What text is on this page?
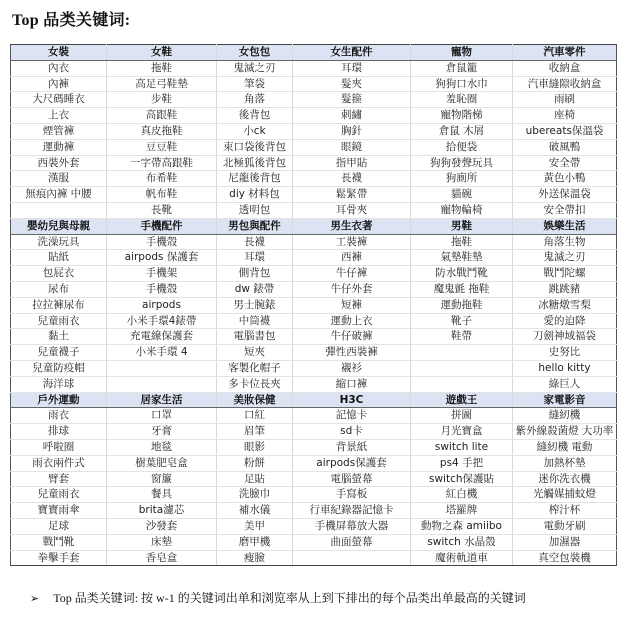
Top 品类关键词:
女裝	女鞋	女包包	女生配件	寵物	汽車零件
內衣	拖鞋	鬼滅之刃	耳環	倉鼠籠	收納盒
內褲	高足弓鞋墊	筆袋	髮夾	狗狗口水巾	汽車縫隙收納盒
大尺碼睡衣	步鞋	角落	髮箍	羞恥圈	雨刷
上衣	高跟鞋	後背包	刺繡	寵物階梯	座椅
煙管褲	真皮拖鞋	小ck	胸針	倉鼠 木屑	ubereats保溫袋
運動褲	豆豆鞋	束口袋後背包	眼鏡	拾便袋	破風鴨
西裝外套	一字帶高跟鞋	北極狐後背包	指甲貼	狗狗發聲玩具	安全帶
漢服	布希鞋	尼龍後背包	長襪	狗廁所	黃色小鴨
無痕內褲 中腰	帆布鞋	diy 材料包	鬆緊帶	貓碗	外送保溫袋
	長靴	透明包	耳骨夾	寵物輪椅	安全帶扣
嬰幼兒與母親	手機配件	男包與配件	男生衣著	男鞋	娛樂生活
洗澡玩具	手機殼	長襪	工裝褲	拖鞋	角落生物
貼紙	airpods 保護套	耳環	西褲	氣墊鞋墊	鬼滅之刃
包屁衣	手機架	側背包	牛仔褲	防水戰鬥靴	戰鬥陀螺
尿布	手機殼	dw 錶帶	牛仔外套	魔鬼氈 拖鞋	跳跳豬
拉拉褲尿布	airpods	男士腕錶	短褲	運動拖鞋	冰糖燉雪梨
兒童雨衣	小米手環4錶帶	中筒襪	運動上衣	靴子	愛的迫降
黏土	充電線保護套	電腦書包	牛仔破褲	鞋帶	刀劍神域福袋
兒童襪子	小米手環 4	短夾	彈性西裝褲		史努比
兒童防疫帽		客製化帽子	襯衫		hello kitty
海洋球		多卡位長夾	縮口褲		綠巨人
戶外運動	居家生活	美妝保健	H3C	遊戲王	家電影音
雨衣	口罩	口紅	記憶卡	拼圖	縫紉機
排球	牙膏	眉筆	sd卡	月光寶盒	紫外線殺菌燈 大功率
呼啦圈	地毯	眼影	背景紙	switch lite	縫紉機 電動
雨衣兩件式	樹葉肥皂盒	粉餅	airpods保護套	ps4 手把	加熱杯墊
臂套	窗簾	足貼	電腦螢幕	switch保護貼	迷你洗衣機
兒童雨衣	餐具	洗臉巾	手寫板	紅白機	光觸媒捕蚊燈
寶寶雨傘	brita濾芯	補水儀	行車紀錄器記憶卡	塔羅牌	榨汁杯
足球	沙發套	美甲	手機屏幕放大器	動物之森 amiibo	電動牙刷
戰鬥靴	床墊	磨甲機	曲面螢幕	switch 水晶殼	加濕器
拳擊手套	香皂盒	瘦臉		魔術軌道車	真空包裝機
➢ Top 品类关键词: 按 w-1 的关键词出单和浏览率从上到下排出的每个品类出单最高的关键词
